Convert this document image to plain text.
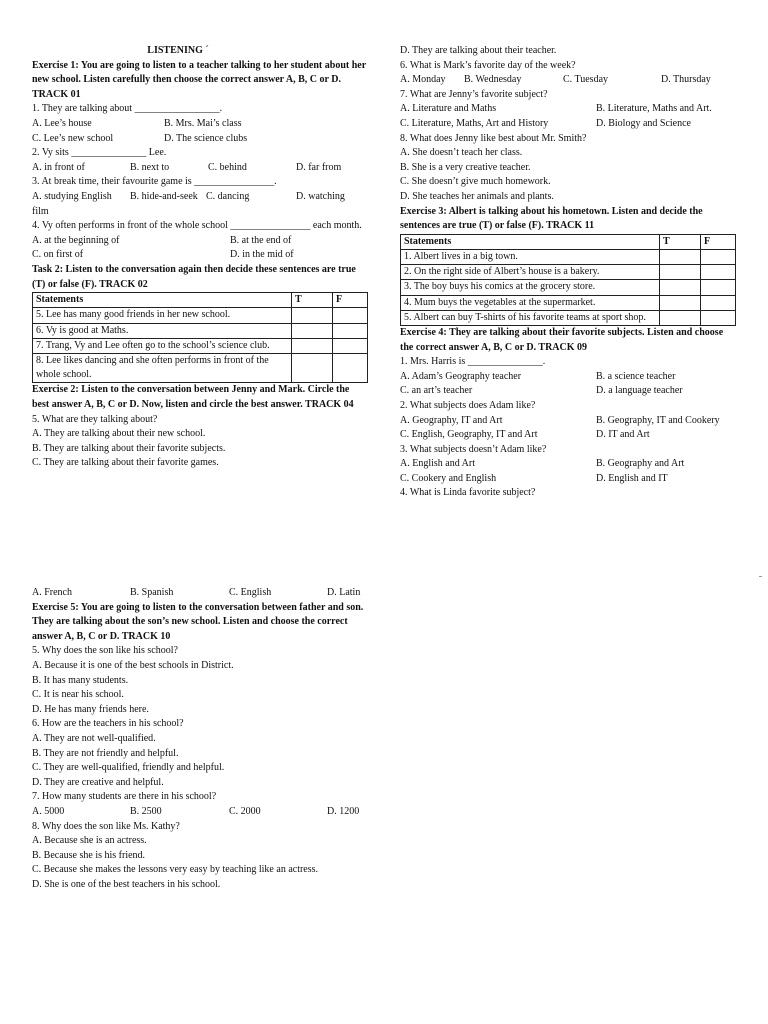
LISTENING ´
Exercise 1: You are going to listen to a teacher talking to her student about her new school. Listen carefully then choose the correct answer A, B, C or D. TRACK 01
1. They are talking about _________________.
A. Lee’s house	B. Mrs. Mai’s class
C. Lee’s new school	D. The science clubs
2. Vy sits _______________ Lee.
A. in front of	B. next to	C. behind	D. far from
3. At break time, their favourite game is ________________.
A. studying English	B. hide-and-seek C. dancing	D. watching
film
4. Vy often performs in front of the whole school ________________ each month.
A. at the beginning of	B. at the end of
C. on first of	D. in the mid of
Task 2: Listen to the conversation again then decide these sentences are true (T) or false (F). TRACK 02
Statements	T	F
5. Lee has many good friends in her new school.		
6. Vy is good at Maths.		
7. Trang, Vy and Lee often go to the school’s science club.		
8. Lee likes dancing and she often performs in front of the whole school.		
Exercise 2: Listen to the conversation between Jenny and Mark. Circle the best answer A, B, C or D. Now, listen and circle the best answer. TRACK 04
5. What are they talking about?
A. They are talking about their new school.
B. They are talking about their favorite subjects.
C. They are talking about their favorite games.
D. They are talking about their teacher.
6. What is Mark’s favorite day of the week?
A. Monday	B. Wednesday	C. Tuesday	D. Thursday
7. What are Jenny’s favorite subject?
A. Literature and Maths	B. Literature, Maths and Art.
C. Literature, Maths, Art and History	D. Biology and Science
8. What does Jenny like best about Mr. Smith?
A. She doesn’t teach her class.
B. She is a very creative teacher.
C. She doesn’t give much homework.
D. She teaches her animals and plants.
Exercise 3: Albert is talking about his hometown. Listen and decide the sentences are true (T) or false (F). TRACK 11
Statements	T	F
1. Albert lives in a big town.		
2. On the right side of Albert’s house is a bakery.		
3. The boy buys his comics at the grocery store.		
4. Mum buys the vegetables at the supermarket.		
5. Albert can buy T-shirts of his favorite teams at sport shop.		
Exercise 4: They are talking about their favorite subjects. Listen and choose the correct answer A, B, C or D. TRACK 09
1. Mrs. Harris is _______________.
A. Adam’s Geography teacher	B. a science teacher
C. an art’s teacher	D. a language teacher
2. What subjects does Adam like?
A. Geography, IT and Art	B. Geography, IT and Cookery
C. English, Geography, IT and Art	D. IT and Art
3. What subjects doesn’t Adam like?
A. English and Art	B. Geography and Art
C. Cookery and English	D. English and IT
4. What is Linda favorite subject?
A. French	B. Spanish	C. English	D. Latin
Exercise 5: You are going to listen to the conversation between father and son. They are talking about the son’s new school. Listen and choose the correct answer A, B, C or D. TRACK 10
5. Why does the son like his school?
A. Because it is one of the best schools in District.
B. It has many students.
C. It is near his school.
D. He has many friends here.
6. How are the teachers in his school?
A. They are not well-qualified.
B. They are not friendly and helpful.
C. They are well-qualified, friendly and helpful.
D. They are creative and helpful.
7. How many students are there in his school?
A. 5000	B. 2500	C. 2000	D. 1200
8. Why does the son like Ms. Kathy?
A. Because she is an actress.
B. Because she is his friend.
C. Because she makes the lessons very easy by teaching like an actress.
D. She is one of the best teachers in his school.
